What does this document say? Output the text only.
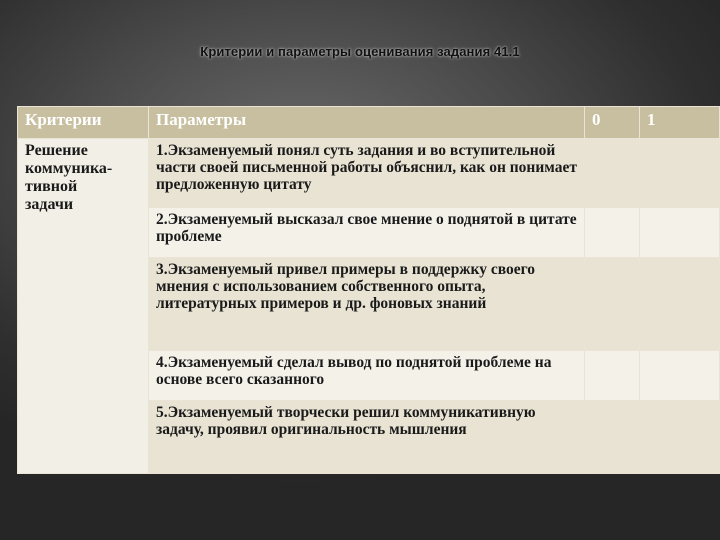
Критерии и параметры оценивания задания 41.1
Критерии	Параметры	0	1

Решение коммуника-тивной задачи	1.Экзаменуемый понял суть задания и во вступительной части своей письменной работы объяснил, как он понимает предложенную цитату		

	2.Экзаменуемый высказал свое мнение о поднятой в цитате проблеме		

	3.Экзаменуемый привел примеры в поддержку своего мнения с использованием собственного опыта, литературных примеров и др. фоновых знаний		

	4.Экзаменуемый сделал вывод по поднятой проблеме на основе всего сказанного		

	5.Экзаменуемый творчески решил коммуникативную задачу, проявил оригинальность мышления		
